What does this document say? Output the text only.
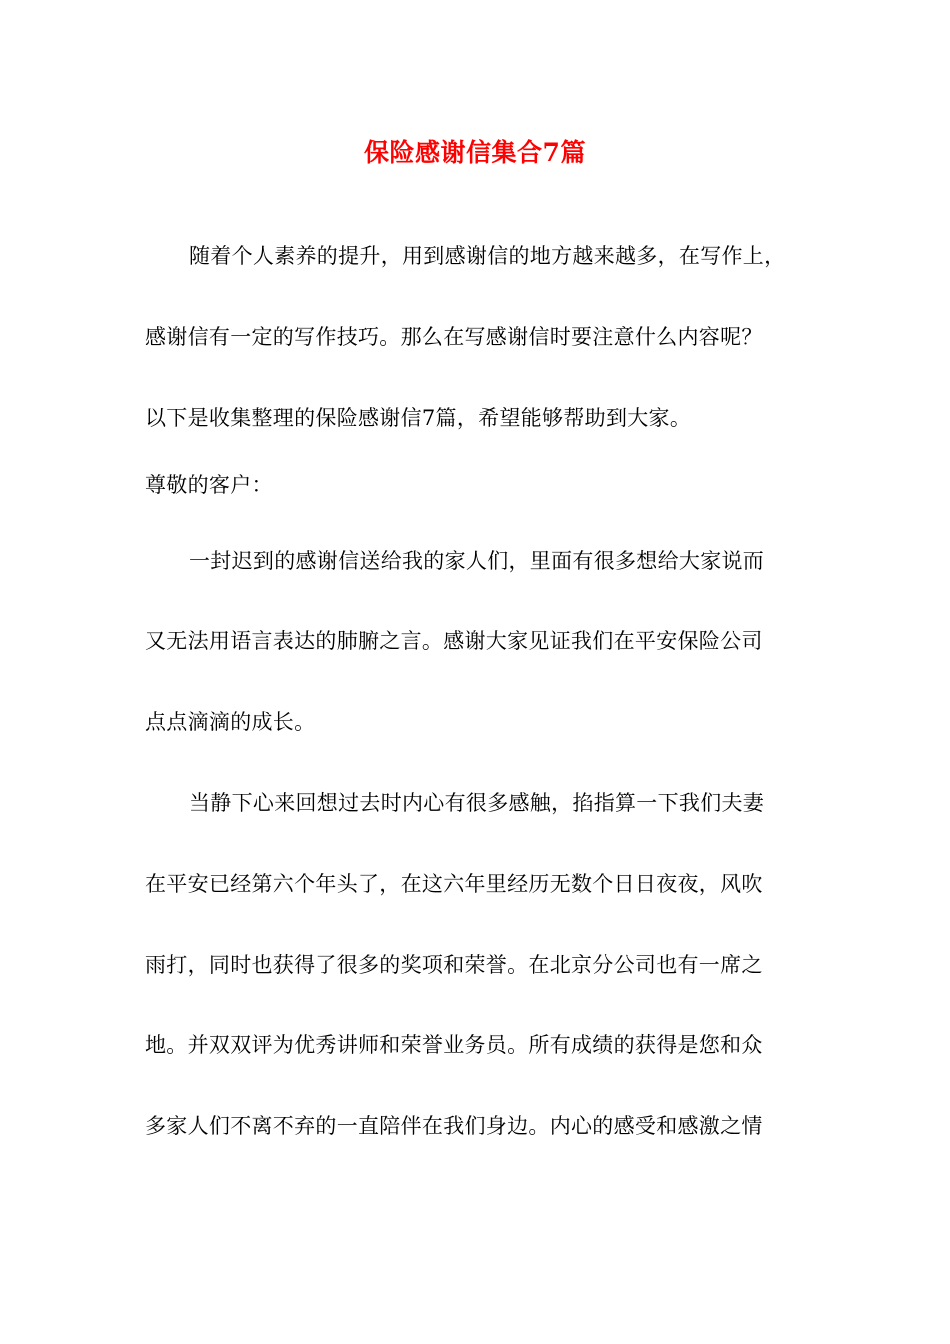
保险感谢信集合7篇
随着个人素养的提升，用到感谢信的地方越来越多，在写作上，
感谢信有一定的写作技巧。那么在写感谢信时要注意什么内容呢？
以下是收集整理的保险感谢信7篇，希望能够帮助到大家。
尊敬的客户：
一封迟到的感谢信送给我的家人们，里面有很多想给大家说而
又无法用语言表达的肺腑之言。感谢大家见证我们在平安保险公司
点点滴滴的成长。
当静下心来回想过去时内心有很多感触，掐指算一下我们夫妻
在平安已经第六个年头了，在这六年里经历无数个日日夜夜，风吹
雨打，同时也获得了很多的奖项和荣誉。在北京分公司也有一席之
地。并双双评为优秀讲师和荣誉业务员。所有成绩的获得是您和众
多家人们不离不弃的一直陪伴在我们身边。内心的感受和感激之情
